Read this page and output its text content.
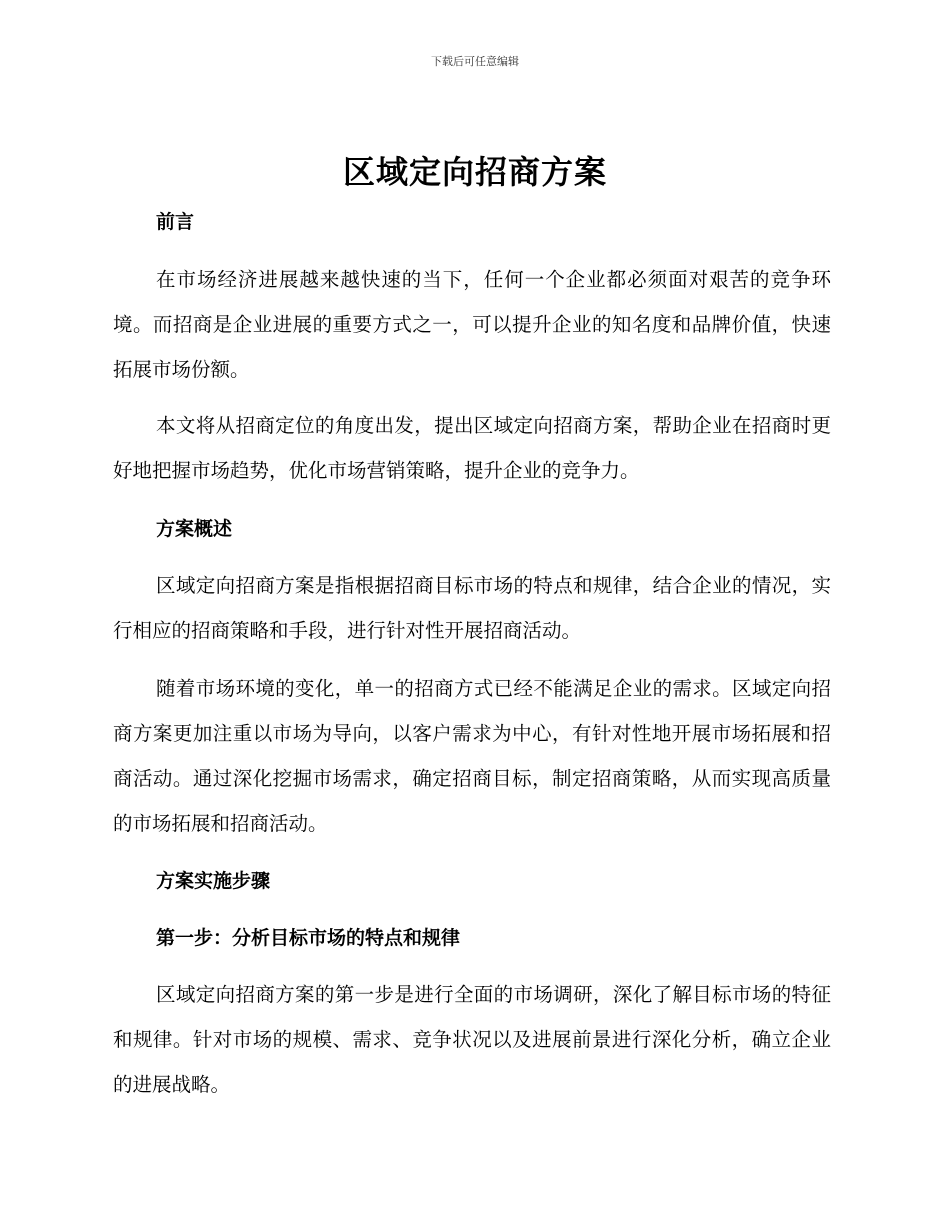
下载后可任意编辑
区域定向招商方案
前言

在市场经济进展越来越快速的当下，任何一个企业都必须面对艰苦的竞争环境。而招商是企业进展的重要方式之一，可以提升企业的知名度和品牌价值，快速拓展市场份额。

本文将从招商定位的角度出发，提出区域定向招商方案，帮助企业在招商时更好地把握市场趋势，优化市场营销策略，提升企业的竞争力。

方案概述

区域定向招商方案是指根据招商目标市场的特点和规律，结合企业的情况，实行相应的招商策略和手段，进行针对性开展招商活动。

随着市场环境的变化，单一的招商方式已经不能满足企业的需求。区域定向招商方案更加注重以市场为导向，以客户需求为中心，有针对性地开展市场拓展和招商活动。通过深化挖掘市场需求，确定招商目标，制定招商策略，从而实现高质量的市场拓展和招商活动。

方案实施步骤
第一步：分析目标市场的特点和规律

区域定向招商方案的第一步是进行全面的市场调研，深化了解目标市场的特征和规律。针对市场的规模、需求、竞争状况以及进展前景进行深化分析，确立企业的进展战略。
